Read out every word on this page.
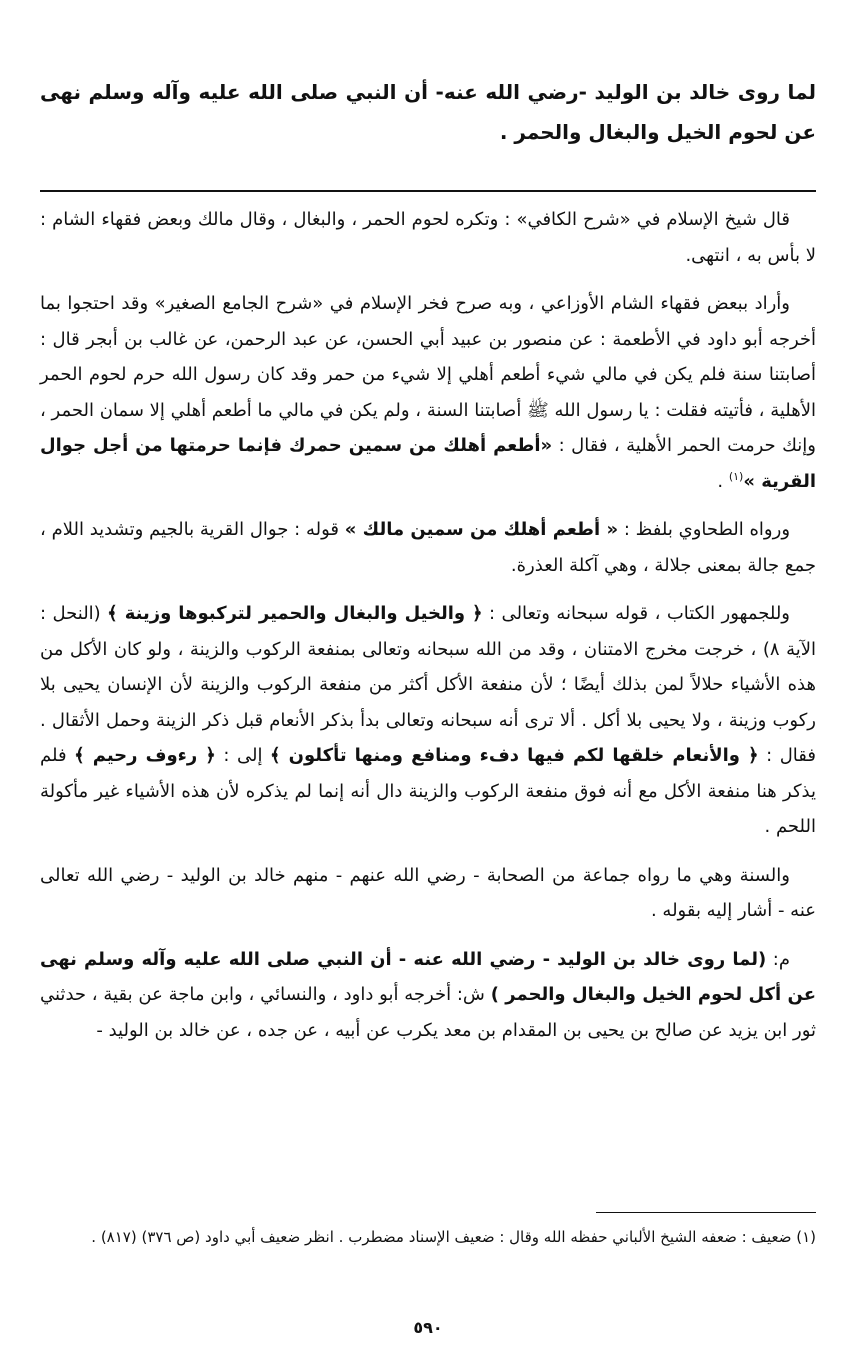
لما روى خالد بن الوليد -رضي الله عنه- أن النبي صلى الله عليه وآله وسلم نهى عن لحوم الخيل والبغال والحمر .

قال شيخ الإسلام في «شرح الكافي» : وتكره لحوم الحمر ، والبغال ، وقال مالك وبعض فقهاء الشام : لا بأس به ، انتهى.

وأراد ببعض فقهاء الشام الأوزاعي ، وبه صرح فخر الإسلام في «شرح الجامع الصغير» وقد احتجوا بما أخرجه أبو داود في الأطعمة : عن منصور بن عبيد أبي الحسن، عن عبد الرحمن، عن غالب بن أبجر قال : أصابتنا سنة فلم يكن في مالي شيء أطعم أهلي إلا شيء من حمر وقد كان رسول الله حرم لحوم الحمر الأهلية ، فأتيته فقلت : يا رسول الله ﷺ أصابتنا السنة ، ولم يكن في مالي ما أطعم أهلي إلا سمان الحمر ، وإنك حرمت الحمر الأهلية ، فقال : «أطعم أهلك من سمين حمرك فإنما حرمتها من أجل جوال القرية »$^{(١)}$ .

ورواه الطحاوي بلفظ : « أطعم أهلك من سمين مالك » قوله : جوال القرية بالجيم وتشديد اللام ، جمع جالة بمعنى جلالة ، وهي آكلة العذرة.

وللجمهور الكتاب ، قوله سبحانه وتعالى : ﴿ والخيل والبغال والحمير لتركبوها وزينة ﴾ (النحل : الآية ٨) ، خرجت مخرج الامتنان ، وقد من الله سبحانه وتعالى بمنفعة الركوب والزينة ، ولو كان الأكل من هذه الأشياء حلالاً لمن بذلك أيضًا ؛ لأن منفعة الأكل أكثر من منفعة الركوب والزينة لأن الإنسان يحيى بلا ركوب وزينة ، ولا يحيى بلا أكل . ألا ترى أنه سبحانه وتعالى بدأ بذكر الأنعام قبل ذكر الزينة وحمل الأثقال . فقال : ﴿ والأنعام خلقها لكم فيها دفء ومنافع ومنها تأكلون ﴾ إلى : ﴿ رءوف رحيم ﴾ فلم يذكر هنا منفعة الأكل مع أنه فوق منفعة الركوب والزينة دال أنه إنما لم يذكره لأن هذه الأشياء غير مأكولة اللحم .

والسنة وهي ما رواه جماعة من الصحابة - رضي الله عنهم - منهم خالد بن الوليد - رضي الله تعالى عنه - أشار إليه بقوله .

م: (لما روى خالد بن الوليد - رضي الله عنه - أن النبي صلى الله عليه وآله وسلم نهى عن أكل لحوم الخيل والبغال والحمر ) ش: أخرجه أبو داود ، والنسائي ، وابن ماجة عن بقية ، حدثني ثور ابن يزيد عن صالح بن يحيى بن المقدام بن معد يكرب عن أبيه ، عن جده ، عن خالد بن الوليد -

(١) ضعيف : ضعفه الشيخ الألباني حفظه الله وقال : ضعيف الإسناد مضطرب . انظر ضعيف أبي داود (ص ٣٧٦) (٨١٧) .

٥٩٠
